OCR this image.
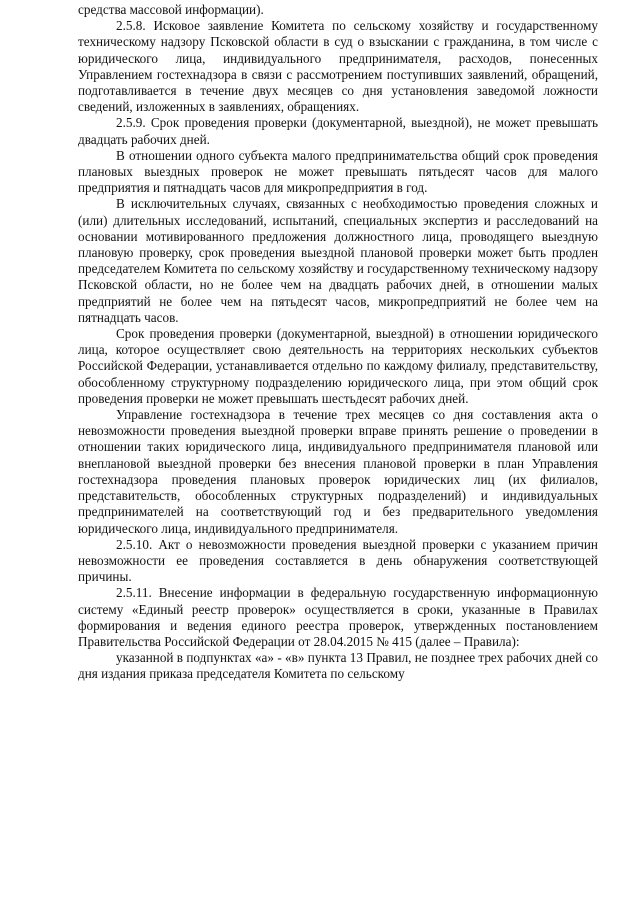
средства массовой информации).

2.5.8. Исковое заявление Комитета по сельскому хозяйству и государственному техническому надзору Псковской области в суд о взыскании с гражданина, в том числе с юридического лица, индивидуального предпринимателя, расходов, понесенных Управлением гостехнадзора в связи с рассмотрением поступивших заявлений, обращений, подготавливается в течение двух месяцев со дня установления заведомой ложности сведений, изложенных в заявлениях, обращениях.

2.5.9. Срок проведения проверки (документарной, выездной), не может превышать двадцать рабочих дней.

В отношении одного субъекта малого предпринимательства общий срок проведения плановых выездных проверок не может превышать пятьдесят часов для малого предприятия и пятнадцать часов для микропредприятия в год.

В исключительных случаях, связанных с необходимостью проведения сложных и (или) длительных исследований, испытаний, специальных экспертиз и расследований на основании мотивированного предложения должностного лица, проводящего выездную плановую проверку, срок проведения выездной плановой проверки может быть продлен председателем Комитета по сельскому хозяйству и государственному техническому надзору Псковской области, но не более чем на двадцать рабочих дней, в отношении малых предприятий не более чем на пятьдесят часов, микропредприятий не более чем на пятнадцать часов.

Срок проведения проверки (документарной, выездной) в отношении юридического лица, которое осуществляет свою деятельность на территориях нескольких субъектов Российской Федерации, устанавливается отдельно по каждому филиалу, представительству, обособленному структурному подразделению юридического лица, при этом общий срок проведения проверки не может превышать шестьдесят рабочих дней.

Управление гостехнадзора в течение трех месяцев со дня составления акта о невозможности проведения выездной проверки вправе принять решение о проведении в отношении таких юридического лица, индивидуального предпринимателя плановой или внеплановой выездной проверки без внесения плановой проверки в план Управления гостехнадзора проведения плановых проверок юридических лиц (их филиалов, представительств, обособленных структурных подразделений) и индивидуальных предпринимателей на соответствующий год и без предварительного уведомления юридического лица, индивидуального предпринимателя.

2.5.10. Акт о невозможности проведения выездной проверки с указанием причин невозможности ее проведения составляется в день обнаружения соответствующей причины.

2.5.11. Внесение информации в федеральную государственную информационную систему «Единый реестр проверок» осуществляется в сроки, указанные в Правилах формирования и ведения единого реестра проверок, утвержденных постановлением Правительства Российской Федерации от 28.04.2015 № 415 (далее – Правила):

указанной в подпунктах «а» - «в» пункта 13 Правил, не позднее трех рабочих дней со дня издания приказа председателя Комитета по сельскому
